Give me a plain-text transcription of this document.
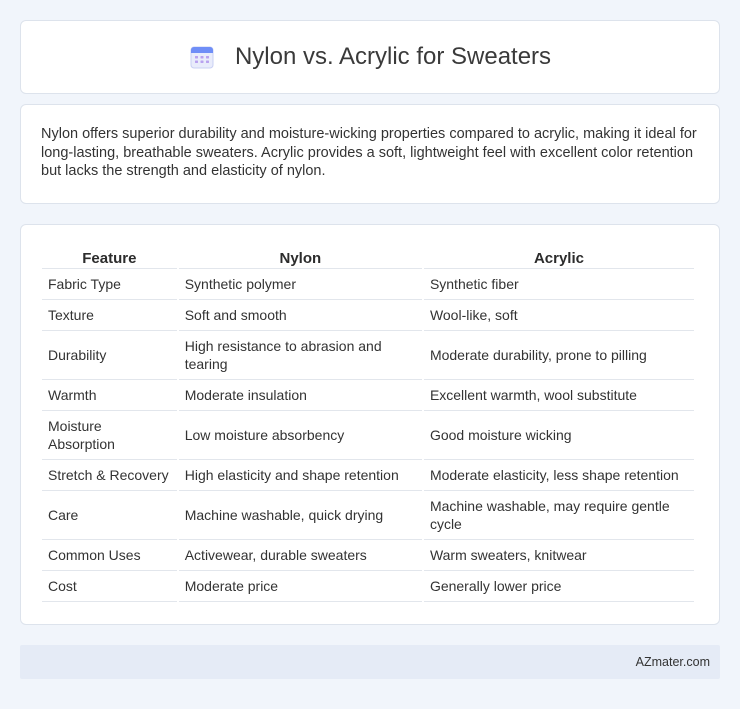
Nylon vs. Acrylic for Sweaters

Nylon offers superior durability and moisture-wicking properties compared to acrylic, making it ideal for long-lasting, breathable sweaters. Acrylic provides a soft, lightweight feel with excellent color retention but lacks the strength and elasticity of nylon.

Feature	Nylon	Acrylic
Fabric Type	Synthetic polymer	Synthetic fiber
Texture	Soft and smooth	Wool-like, soft
Durability	High resistance to abrasion and tearing	Moderate durability, prone to pilling
Warmth	Moderate insulation	Excellent warmth, wool substitute
Moisture Absorption	Low moisture absorbency	Good moisture wicking
Stretch & Recovery	High elasticity and shape retention	Moderate elasticity, less shape retention
Care	Machine washable, quick drying	Machine washable, may require gentle cycle
Common Uses	Activewear, durable sweaters	Warm sweaters, knitwear
Cost	Moderate price	Generally lower price
AZmater.com
